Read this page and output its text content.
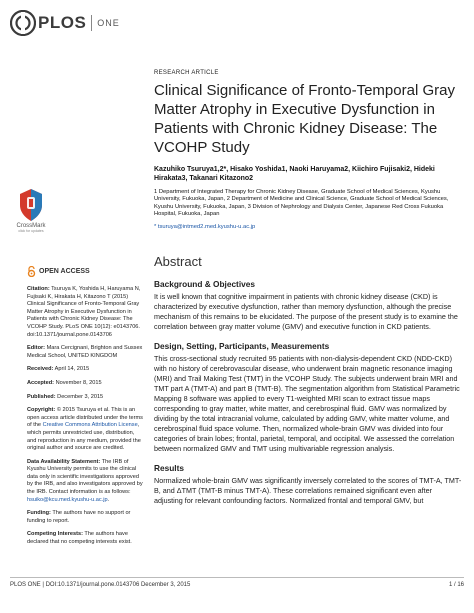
PLOS ONE
CrossMark
click for updates
OPEN ACCESS
Citation: Tsuruya K, Yoshida H, Haruyama N, Fujisaki K, Hirakata H, Kitazono T (2015) Clinical Significance of Fronto-Temporal Gray Matter Atrophy in Executive Dysfunction in Patients with Chronic Kidney Disease: The VCOHP Study. PLoS ONE 10(12): e0143706. doi:10.1371/journal.pone.0143706
Editor: Mara Cercignani, Brighton and Sussex Medical School, UNITED KINGDOM
Received: April 14, 2015
Accepted: November 8, 2015
Published: December 3, 2015
Copyright: © 2015 Tsuruya et al. This is an open access article distributed under the terms of the Creative Commons Attribution License, which permits unrestricted use, distribution, and reproduction in any medium, provided the original author and source are credited.
Data Availability Statement: The IRB of Kyushu University permits to use the clinical data only in scientific investigations approved by the IRB, and also investigators approved by the IRB. Contact information is as follows: hsuiko@kcu.med.kyushu-u.ac.jp.
Funding: The authors have no support or funding to report.
Competing Interests: The authors have declared that no competing interests exist.
RESEARCH ARTICLE
Clinical Significance of Fronto-Temporal Gray Matter Atrophy in Executive Dysfunction in Patients with Chronic Kidney Disease: The VCOHP Study
Kazuhiko Tsuruya1,2*, Hisako Yoshida1, Naoki Haruyama2, Kiichiro Fujisaki2, Hideki Hirakata3, Takanari Kitazono2
1 Department of Integrated Therapy for Chronic Kidney Disease, Graduate School of Medical Sciences, Kyushu University, Fukuoka, Japan, 2 Department of Medicine and Clinical Science, Graduate School of Medical Sciences, Kyushu University, Fukuoka, Japan, 3 Division of Nephrology and Dialysis Center, Japanese Red Cross Fukuoka Hospital, Fukuoka, Japan
* tsuruya@intmed2.med.kyushu-u.ac.jp
Abstract
Background & Objectives

It is well known that cognitive impairment in patients with chronic kidney disease (CKD) is characterized by executive dysfunction, rather than memory dysfunction, although the precise mechanism of this remains to be elucidated. The purpose of the present study is to examine the correlation between gray matter volume (GMV) and executive function in CKD patients.

Design, Setting, Participants, Measurements

This cross-sectional study recruited 95 patients with non-dialysis-dependent CKD (NDD-CKD) with no history of cerebrovascular disease, who underwent brain magnetic resonance imaging (MRI) and Trail Making Test (TMT) in the VCOHP Study. The subjects underwent brain MRI and TMT part A (TMT-A) and part B (TMT-B). The segmentation algorithm from Statistical Parametric Mapping 8 software was applied to every T1-weighted MRI scan to extract tissue maps corresponding to gray matter, white matter, and cerebrospinal fluid. GMV was normalized by dividing by the total intracranial volume, calculated by adding GMV, white matter volume, and cerebrospinal fluid space volume. Then, normalized whole-brain GMV was divided into four categories of brain lobes; frontal, parietal, temporal, and occipital. We assessed the correlation between normalized GMV and TMT using multivariable regression analysis.

Results

Normalized whole-brain GMV was significantly inversely correlated to the scores of TMT-A, TMT-B, and ΔTMT (TMT-B minus TMT-A). These correlations remained significant even after adjusting for relevant confounding factors. Normalized frontal and temporal GMV, but

PLOS ONE | DOI:10.1371/journal.pone.0143706 December 3, 2015	1 / 16
